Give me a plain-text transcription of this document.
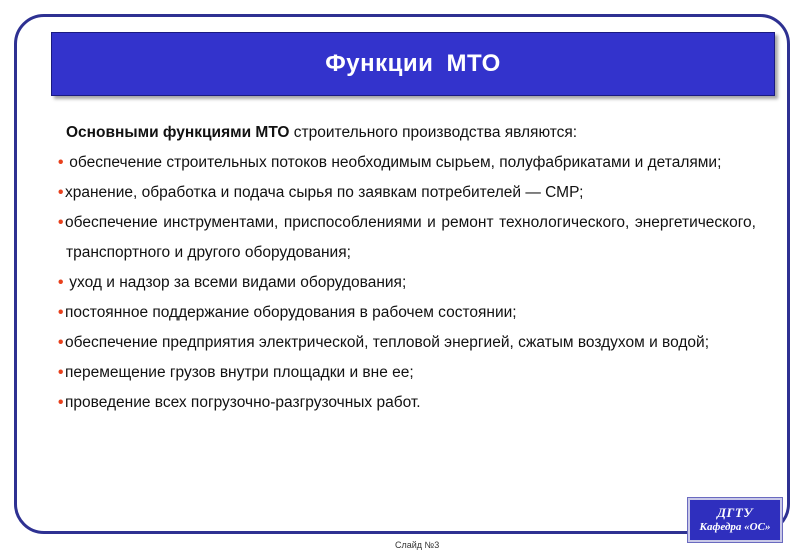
Функции МТО

Основными функциями МТО строительного производства являются:

• обеспечение строительных потоков необходимым сырьем, полуфабрикатами и деталями;

• хранение, обработка и подача сырья по заявкам потребителей — СМР;

• обеспечение инструментами, приспособлениями и ремонт технологического, энергетического, транспортного и другого оборудования;

• уход и надзор за всеми видами оборудования;

• постоянное поддержание оборудования в рабочем состоянии;

• обеспечение предприятия электрической, тепловой энергией, сжатым воздухом и водой;

• перемещение грузов внутри площадки и вне ее;

• проведение всех погрузочно-разгрузочных работ.

ДГТУ
Кафедра «ОС»
Слайд №3
